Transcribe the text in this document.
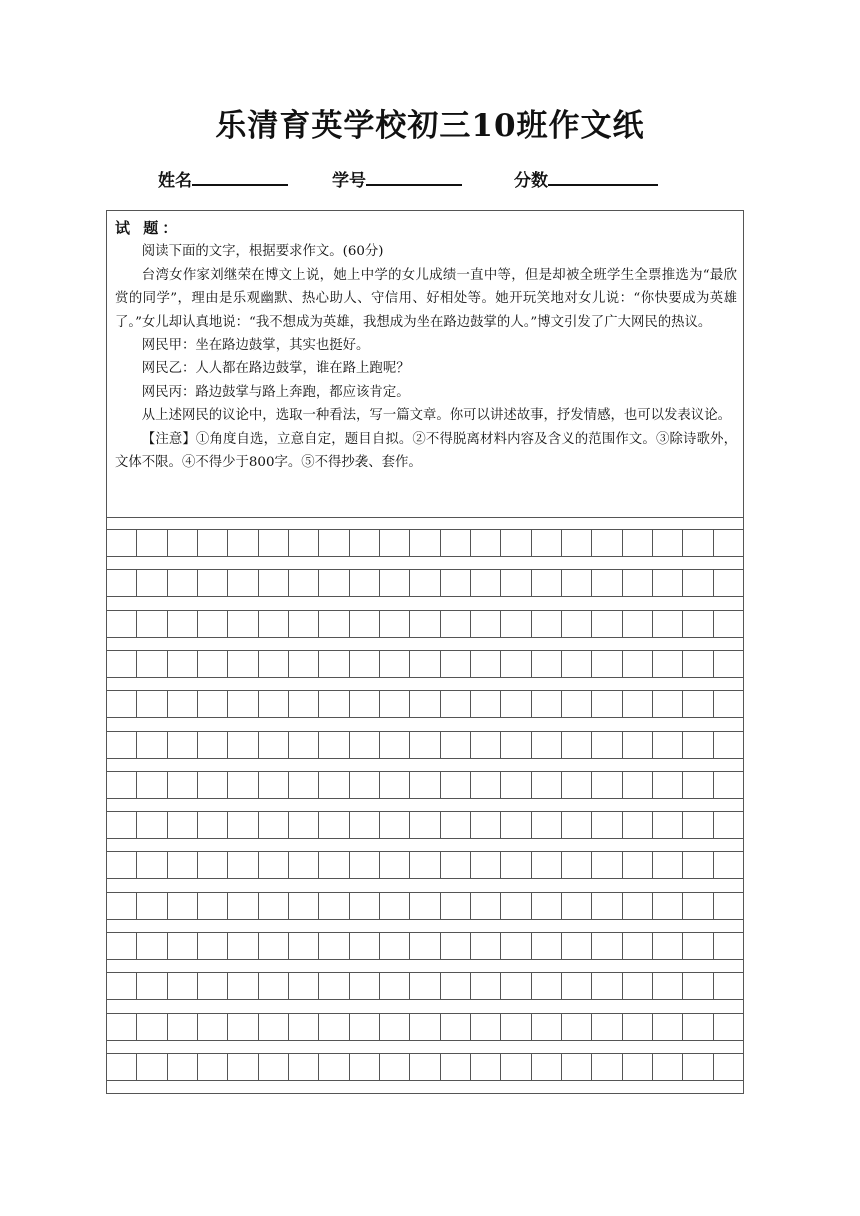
乐清育英学校初三10班作文纸
姓名	学号	分数
试 题：

阅读下面的文字，根据要求作文。(60分)

台湾女作家刘继荣在博文上说，她上中学的女儿成绩一直中等，但是却被全班学生全票推选为“最欣赏的同学”，理由是乐观幽默、热心助人、守信用、好相处等。她开玩笑地对女儿说：“你快要成为英雄了。”女儿却认真地说：“我不想成为英雄，我想成为坐在路边鼓掌的人。”博文引发了广大网民的热议。

网民甲：坐在路边鼓掌，其实也挺好。

网民乙：人人都在路边鼓掌，谁在路上跑呢？

网民丙：路边鼓掌与路上奔跑，都应该肯定。

从上述网民的议论中，选取一种看法，写一篇文章。你可以讲述故事，抒发情感，也可以发表议论。

【注意】①角度自选，立意自定，题目自拟。②不得脱离材料内容及含义的范围作文。③除诗歌外，文体不限。④不得少于800字。⑤不得抄袭、套作。
